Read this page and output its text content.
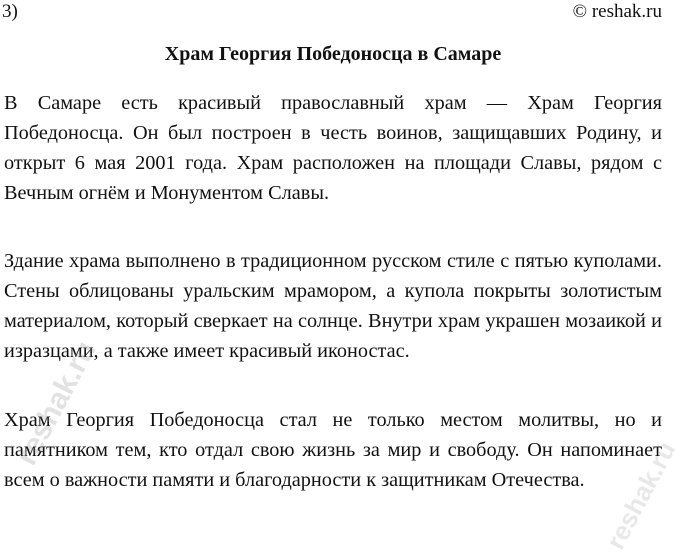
3)	© reshak.ru
Храм Георгия Победоносца в Самаре

В Самаре есть красивый православный храм — Храм Георгия Победоносца. Он был построен в честь воинов, защищавших Родину, и открыт 6 мая 2001 года. Храм расположен на площади Славы, рядом с Вечным огнём и Монументом Славы.

Здание храма выполнено в традиционном русском стиле с пятью куполами. Стены облицованы уральским мрамором, а купола покрыты золотистым материалом, который сверкает на солнце. Внутри храм украшен мозаикой и изразцами, а также имеет красивый иконостас.

Храм Георгия Победоносца стал не только местом молитвы, но и памятником тем, кто отдал свою жизнь за мир и свободу. Он напоминает всем о важности памяти и благодарности к защитникам Отечества.

reshak.ru
reshak.ru
